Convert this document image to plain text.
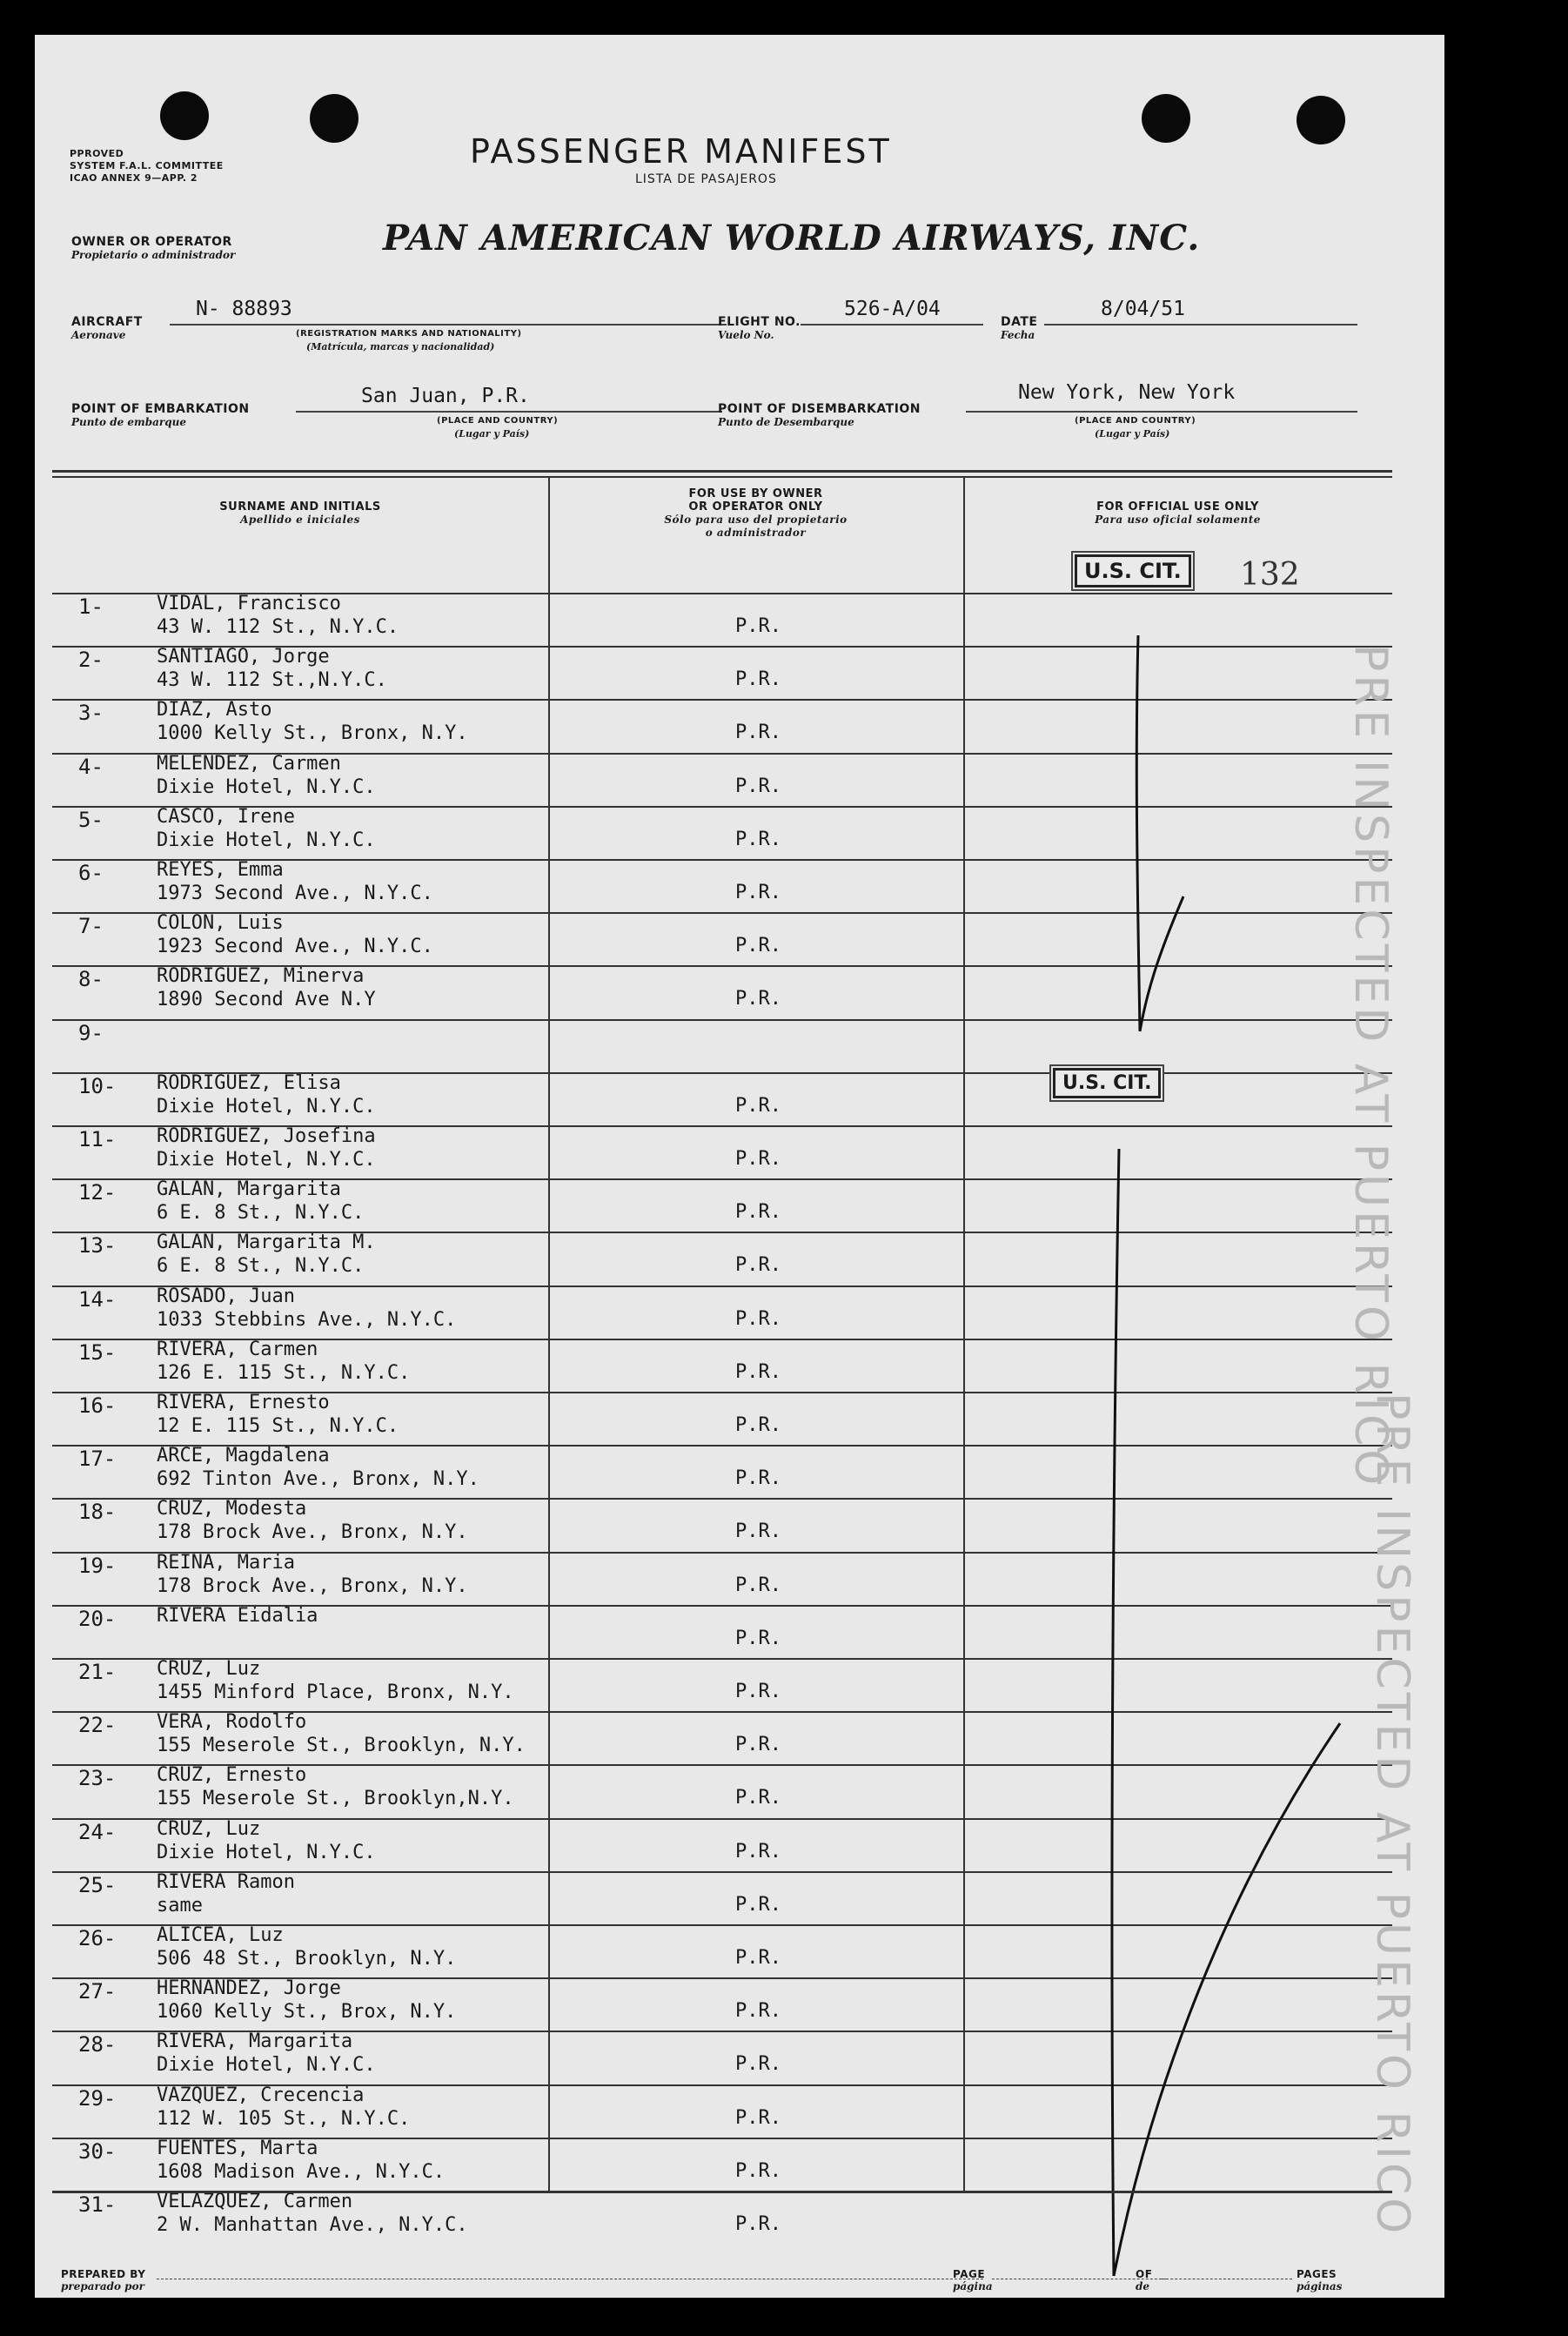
PPROVED
SYSTEM F.A.L. COMMITTEE
ICAO ANNEX 9—APP. 2
PASSENGER MANIFEST
LISTA DE PASAJEROS
OWNER OR OPERATOR
Propietario o administrador	PAN AMERICAN WORLD AIRWAYS, INC.
AIRCRAFT
Aeronave
N- 88893
(REGISTRATION MARKS AND NATIONALITY)
(Matrícula, marcas y nacionalidad)
FLIGHT NO.
Vuelo No.
526-A/04
DATE
Fecha
8/04/51
POINT OF EMBARKATION
Punto de embarque
San Juan, P.R.
(PLACE AND COUNTRY)
(Lugar y País)
POINT OF DISEMBARKATION
Punto de Desembarque
New York, New York
(PLACE AND COUNTRY)
(Lugar y País)
SURNAME AND INITIALS
Apellido e iniciales
FOR USE BY OWNER
OR OPERATOR ONLY
Sólo para uso del propietario
o administrador
FOR OFFICIAL USE ONLY
Para uso oficial solamente
1-	VIDAL, Francisco
43 W. 112 St., N.Y.C.	P.R.
2-	SANTIAGO, Jorge
43 W. 112 St.,N.Y.C.	P.R.
3-	DIAZ, Asto
1000 Kelly St., Bronx, N.Y.	P.R.
4-	MELENDEZ, Carmen
Dixie Hotel, N.Y.C.	P.R.
5-	CASCO, Irene
Dixie Hotel, N.Y.C.	P.R.
6-	REYES, Emma
1973 Second Ave., N.Y.C.	P.R.
7-	COLON, Luis
1923 Second Ave., N.Y.C.	P.R.
8-	RODRIGUEZ, Minerva
1890 Second Ave N.Y	P.R.
9-
10- RODRIGUEZ, Elisa
Dixie Hotel, N.Y.C.	P.R.
11- RODRIGUEZ, Josefina
Dixie Hotel, N.Y.C.	P.R.
12- GALAN, Margarita
6 E. 8 St., N.Y.C.	P.R.
13- GALAN, Margarita M.
6 E. 8 St., N.Y.C.	P.R.
14- ROSADO, Juan
1033 Stebbins Ave., N.Y.C.	P.R.
15- RIVERA, Carmen
126 E. 115 St., N.Y.C.	P.R.
16- RIVERA, Ernesto
12 E. 115 St., N.Y.C.	P.R.
17- ARCE, Magdalena
692 Tinton Ave., Bronx, N.Y.	P.R.
18- CRUZ, Modesta
178 Brock Ave., Bronx, N.Y.	P.R.
19- REINA, Maria
178 Brock Ave., Bronx, N.Y.	P.R.
20- RIVERA Eidalia
P.R.
21- CRUZ, Luz
1455 Minford Place, Bronx, N.Y.	P.R.
22- VERA, Rodolfo
155 Meserole St., Brooklyn, N.Y.	P.R.
23- CRUZ, Ernesto
155 Meserole St., Brooklyn,N.Y.	P.R.
24- CRUZ, Luz
Dixie Hotel, N.Y.C.	P.R.
25- RIVERA Ramon
same	P.R.
26- ALICEA, Luz
506 48 St., Brooklyn, N.Y.	P.R.
27- HERNANDEZ, Jorge
1060 Kelly St., Brox, N.Y.	P.R.
28- RIVERA, Margarita
Dixie Hotel, N.Y.C.	P.R.
29- VAZQUEZ, Crecencia
112 W. 105 St., N.Y.C.	P.R.
30- FUENTES, Marta
1608 Madison Ave., N.Y.C.	P.R.
31- VELAZQUEZ, Carmen
2 W. Manhattan Ave., N.Y.C.	P.R.
U.S. CIT.	132
U.S. CIT.	PRE INSPECTED AT PUERTO RICO
PRE INSPECTED AT PUERTO RICO
PREPARED BY
preparado por
PAGE
página
OF
de
PAGES
páginas
